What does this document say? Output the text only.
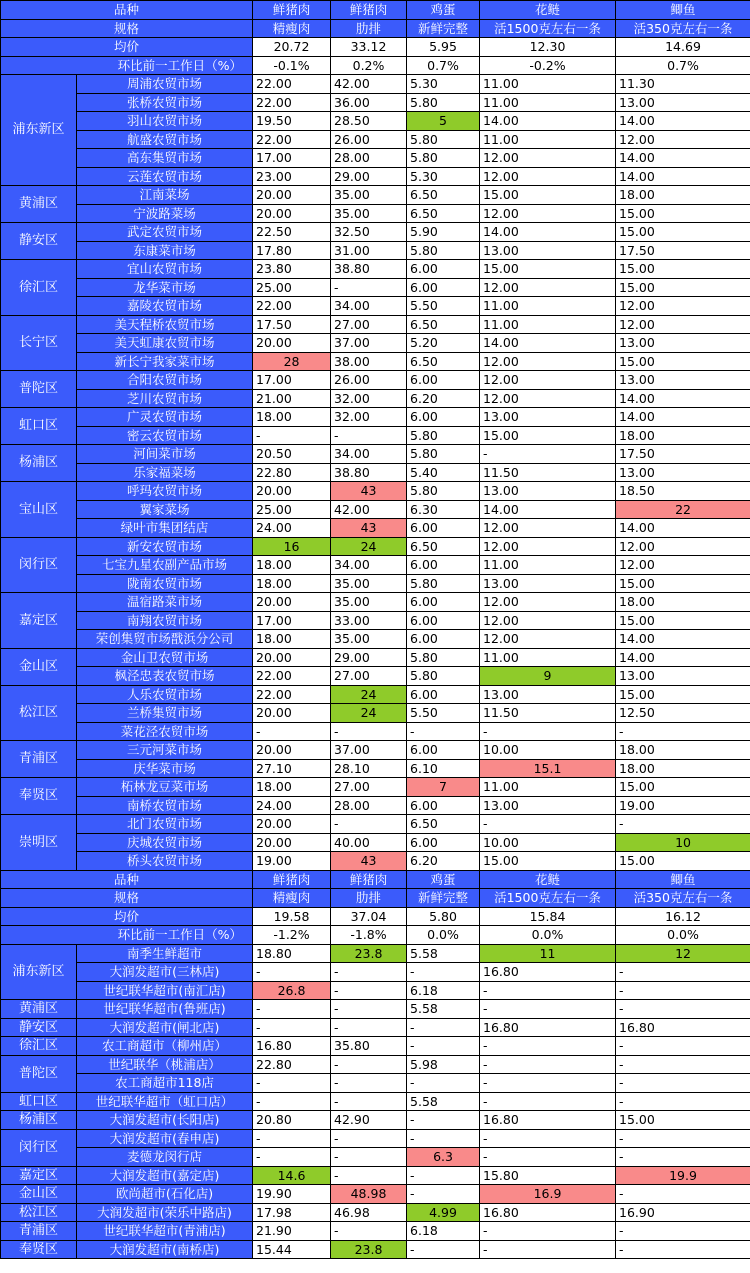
品种		鲜猪肉	鲜猪肉	鸡蛋	花鲢	鲫鱼
规格		精瘦肉	肋排	新鲜完整	活1500克左右一条	活350克左右一条
均价		20.72	33.12	5.95	12.30	14.69
环比前一工作日（%）		-0.1%	0.2%	0.7%	-0.2%	0.7%
浦东新区	周浦农贸市场	22.00	42.00	5.30	11.00	11.30
	张桥农贸市场	22.00	36.00	5.80	11.00	13.00
	羽山农贸市场	19.50	28.50	5	14.00	14.00
	航盛农贸市场	22.00	26.00	5.80	11.00	12.00
	高东集贸市场	17.00	28.00	5.80	12.00	14.00
	云莲农贸市场	23.00	29.00	5.30	12.00	14.00
黄浦区	江南菜场	20.00	35.00	6.50	15.00	18.00
	宁波路菜场	20.00	35.00	6.50	12.00	15.00
静安区	武定农贸市场	22.50	32.50	5.90	14.00	15.00
	东康菜市场	17.80	31.00	5.80	13.00	17.50
徐汇区	宜山农贸市场	23.80	38.80	6.00	15.00	15.00
	龙华菜市场	25.00	-	6.00	12.00	15.00
	嘉陵农贸市场	22.00	34.00	5.50	11.00	12.00
长宁区	美天程桥农贸市场	17.50	27.00	6.50	11.00	12.00
	美天虹康农贸市场	20.00	37.00	5.20	14.00	13.00
	新长宁我家菜市场	28	38.00	6.50	12.00	15.00
普陀区	合阳农贸市场	17.00	26.00	6.00	12.00	13.00
	芝川农贸市场	21.00	32.00	6.20	12.00	14.00
虹口区	广灵农贸市场	18.00	32.00	6.00	13.00	14.00
	密云农贸市场	-	-	5.80	15.00	18.00
杨浦区	河间菜市场	20.50	34.00	5.80	-	17.50
	乐家福菜场	22.80	38.80	5.40	11.50	13.00
宝山区	呼玛农贸市场	20.00	43	5.80	13.00	18.50
	翼家菜场	25.00	42.00	6.30	14.00	22
	绿叶市集团结店	24.00	43	6.00	12.00	14.00
闵行区	新安农贸市场	16	24	6.50	12.00	12.00
	七宝九星农副产品市场	18.00	34.00	6.00	11.00	12.00
	陇南农贸市场	18.00	35.00	5.80	13.00	15.00
嘉定区	温宿路菜市场	20.00	35.00	6.00	12.00	18.00
	南翔农贸市场	17.00	33.00	6.00	12.00	15.00
	荣创集贸市场戬浜分公司	18.00	35.00	6.00	12.00	14.00
金山区	金山卫农贸市场	20.00	29.00	5.80	11.00	14.00
	枫泾忠表农贸市场	22.00	27.00	5.80	9	13.00
松江区	人乐农贸市场	22.00	24	6.00	13.00	15.00
	兰桥集贸市场	20.00	24	5.50	11.50	12.50
	菜花泾农贸市场	-	-	-	-	-
青浦区	三元河菜市场	20.00	37.00	6.00	10.00	18.00
	庆华菜市场	27.10	28.10	6.10	15.1	18.00
奉贤区	柘林龙豆菜市场	18.00	27.00	7	11.00	15.00
	南桥农贸市场	24.00	28.00	6.00	13.00	19.00
崇明区	北门农贸市场	20.00	-	6.50	-	-
	庆城农贸市场	20.00	40.00	6.00	10.00	10
	桥头农贸市场	19.00	43	6.20	15.00	15.00
品种		鲜猪肉	鲜猪肉	鸡蛋	花鲢	鲫鱼
规格		精瘦肉	肋排	新鲜完整	活1500克左右一条	活350克左右一条
均价		19.58	37.04	5.80	15.84	16.12
环比前一工作日（%）		-1.2%	-1.8%	0.0%	0.0%	0.0%
浦东新区	南季生鲜超市	18.80	23.8	5.58	11	12
	大润发超市(三林店)	-	-	-	16.80	-
	世纪联华超市(南汇店)	26.8	-	6.18	-	-
黄浦区	世纪联华超市(鲁班店)	-	-	5.58	-	-
静安区	大润发超市(闸北店)	-	-	-	16.80	16.80
徐汇区	农工商超市（柳州店）	16.80	35.80	-	-	-
普陀区	世纪联华（桃浦店）	22.80	-	5.98	-	-
	农工商超市118店	-	-	-	-	-
虹口区	世纪联华超市（虹口店）	-	-	5.58	-	-
杨浦区	大润发超市(长阳店)	20.80	42.90	-	16.80	15.00
闵行区	大润发超市(春申店)	-	-	-	-	-
	麦德龙闵行店	-	-	6.3	-	-
嘉定区	大润发超市(嘉定店)	14.6	-	-	15.80	19.9
金山区	欧尚超市(石化店)	19.90	48.98	-	16.9	-
松江区	大润发超市(荣乐中路店)	17.98	46.98	4.99	16.80	16.90
青浦区	世纪联华超市(青浦店)	21.90	-	6.18	-	-
奉贤区	大润发超市(南桥店)	15.44	23.8	-	-	-
